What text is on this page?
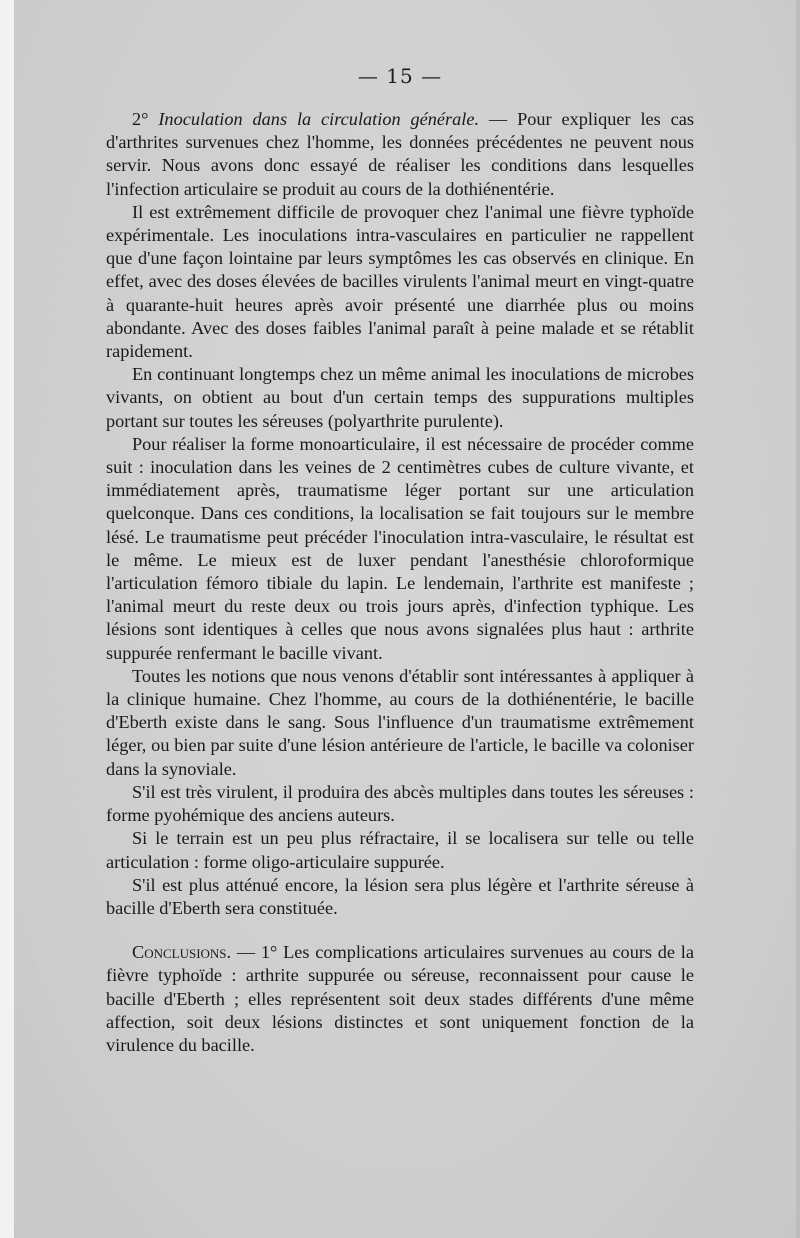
— 15 —

2° Inoculation dans la circulation générale. — Pour expliquer les cas d'arthrites survenues chez l'homme, les données précédentes ne peuvent nous servir. Nous avons donc essayé de réaliser les conditions dans lesquelles l'infection articulaire se produit au cours de la dothiénentérie.

Il est extrêmement difficile de provoquer chez l'animal une fièvre typhoïde expérimentale. Les inoculations intra-vasculaires en particulier ne rappellent que d'une façon lointaine par leurs symptômes les cas observés en clinique. En effet, avec des doses élevées de bacilles virulents l'animal meurt en vingt-quatre à quarante-huit heures après avoir présenté une diarrhée plus ou moins abondante. Avec des doses faibles l'animal paraît à peine malade et se rétablit rapidement.

En continuant longtemps chez un même animal les inoculations de microbes vivants, on obtient au bout d'un certain temps des suppurations multiples portant sur toutes les séreuses (polyarthrite purulente).

Pour réaliser la forme monoarticulaire, il est nécessaire de procéder comme suit : inoculation dans les veines de 2 centimètres cubes de culture vivante, et immédiatement après, traumatisme léger portant sur une articulation quelconque. Dans ces conditions, la localisation se fait toujours sur le membre lésé. Le traumatisme peut précéder l'inoculation intra-vasculaire, le résultat est le même. Le mieux est de luxer pendant l'anesthésie chloroformique l'articulation fémoro tibiale du lapin. Le lendemain, l'arthrite est manifeste ; l'animal meurt du reste deux ou trois jours après, d'infection typhique. Les lésions sont identiques à celles que nous avons signalées plus haut : arthrite suppurée renfermant le bacille vivant.

Toutes les notions que nous venons d'établir sont intéressantes à appliquer à la clinique humaine. Chez l'homme, au cours de la dothiénentérie, le bacille d'Eberth existe dans le sang. Sous l'influence d'un traumatisme extrêmement léger, ou bien par suite d'une lésion antérieure de l'article, le bacille va coloniser dans la synoviale.

S'il est très virulent, il produira des abcès multiples dans toutes les séreuses : forme pyohémique des anciens auteurs.

Si le terrain est un peu plus réfractaire, il se localisera sur telle ou telle articulation : forme oligo-articulaire suppurée.

S'il est plus atténué encore, la lésion sera plus légère et l'arthrite séreuse à bacille d'Eberth sera constituée.

Conclusions. — 1° Les complications articulaires survenues au cours de la fièvre typhoïde : arthrite suppurée ou séreuse, reconnaissent pour cause le bacille d'Eberth ; elles représentent soit deux stades différents d'une même affection, soit deux lésions distinctes et sont uniquement fonction de la virulence du bacille.
